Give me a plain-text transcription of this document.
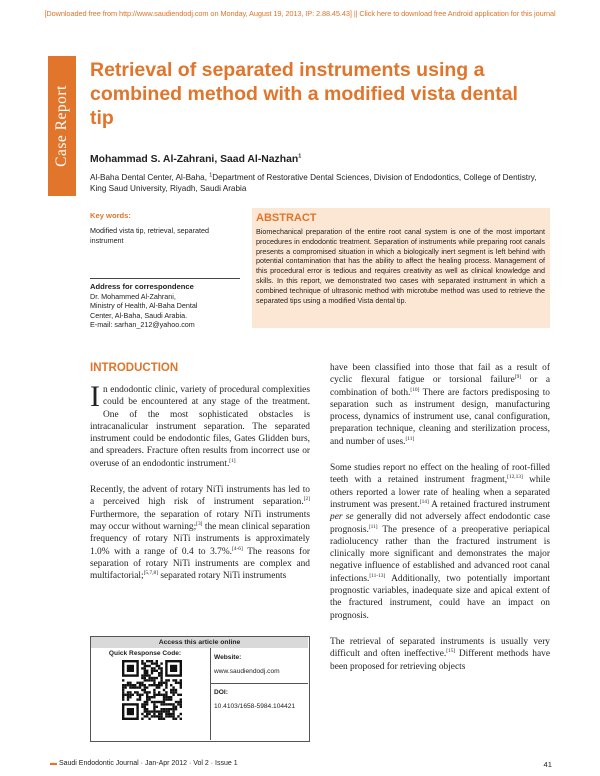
[Downloaded free from http://www.saudiendodj.com on Monday, August 19, 2013, IP: 2.88.45.43] || Click here to download free Android application for this journal
Case Report
Retrieval of separated instruments using a combined method with a modified vista dental tip
Mohammad S. Al-Zahrani, Saad Al-Nazhan$^1$
Al-Baha Dental Center, Al-Baha, $^1$Department of Restorative Dental Sciences, Division of Endodontics, College of Dentistry, King Saud University, Riyadh, Saudi Arabia
Key words:
Modified vista tip, retrieval, separated instrument
Address for correspondence
Dr. Mohammed Al-Zahrani,
Ministry of Health, Al-Baha Dental
Center, Al-Baha, Saudi Arabia.
E-mail: sarhan_212@yahoo.com
ABSTRACT
Biomechanical preparation of the entire root canal system is one of the most important procedures in endodontic treatment. Separation of instruments while preparing root canals presents a compromised situation in which a biologically inert segment is left behind with potential contamination that has the ability to affect the healing process. Management of this procedural error is tedious and requires creativity as well as clinical knowledge and skills. In this report, we demonstrated two cases with separated instrument in which a combined technique of ultrasonic method with microtube method was used to retrieve the separated tips using a modified Vista dental tip.
INTRODUCTION

In endodontic clinic, variety of procedural complexities could be encountered at any stage of the treatment. One of the most sophisticated obstacles is intracanalicular instrument separation. The separated instrument could be endodontic files, Gates Glidden burs, and spreaders. Fracture often results from incorrect use or overuse of an endodontic instrument.[1]

Recently, the advent of rotary NiTi instruments has led to a perceived high risk of instrument separation.[2] Furthermore, the separation of rotary NiTi instruments may occur without warning;[3] the mean clinical separation frequency of rotary NiTi instruments is approximately 1.0% with a range of 0.4 to 3.7%.[4-6] The reasons for separation of rotary NiTi instruments are complex and multifactorial;[5,7,8] separated rotary NiTi instruments

have been classified into those that fail as a result of cyclic flexural fatigue or torsional failure[9] or a combination of both.[10] There are factors predisposing to separation such as instrument design, manufacturing process, dynamics of instrument use, canal configuration, preparation technique, cleaning and sterilization process, and number of uses.[11]

Some studies report no effect on the healing of root-filled teeth with a retained instrument fragment,[12,13] while others reported a lower rate of healing when a separated instrument was present.[14] A retained fractured instrument per se generally did not adversely affect endodontic case prognosis.[11] The presence of a preoperative periapical radiolucency rather than the fractured instrument is clinically more significant and demonstrates the major negative influence of established and advanced root canal infections.[11-13] Additionally, two potentially important prognostic variables, inadequate size and apical extent of the fractured instrument, could have an impact on prognosis.

The retrieval of separated instruments is usually very difficult and often ineffective.[15] Different methods have been proposed for retrieving objects

Access this article online
Quick Response Code:
Website:
www.saudiendodj.com
DOI:
10.4103/1658-5984.104421
▬ Saudi Endodontic Journal · Jan-Apr 2012 · Vol 2 · Issue 1	41
